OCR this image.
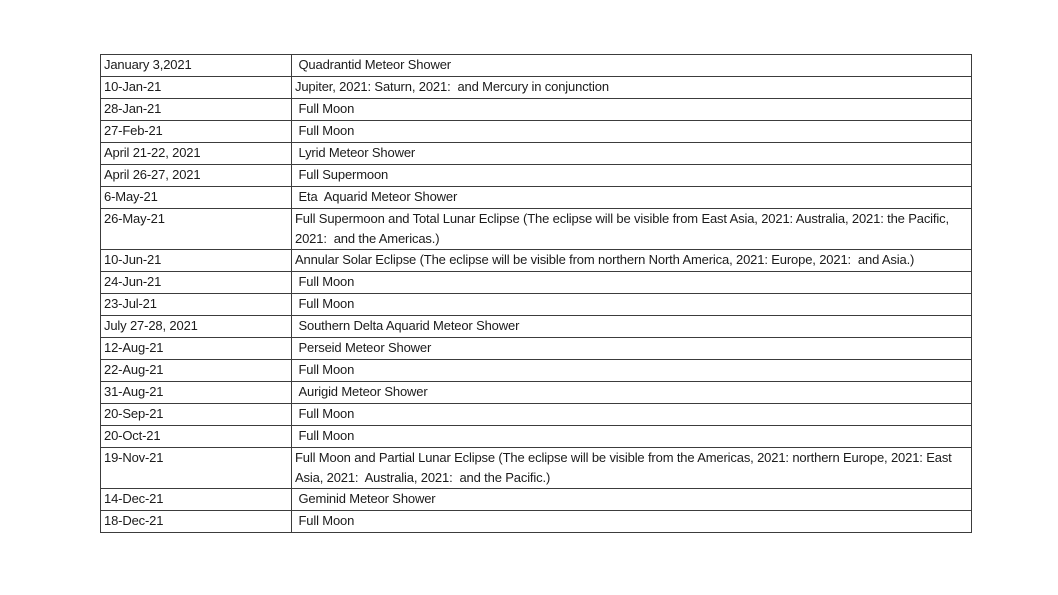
January 3,2021	Quadrantid Meteor Shower
10-Jan-21	Jupiter, 2021: Saturn, 2021:  and Mercury in conjunction
28-Jan-21	Full Moon
27-Feb-21	Full Moon
April 21-22, 2021	Lyrid Meteor Shower
April 26-27, 2021	Full Supermoon
6-May-21	Eta  Aquarid Meteor Shower
26-May-21	Full Supermoon and Total Lunar Eclipse (The eclipse will be visible from East Asia, 2021: Australia, 2021: the Pacific, 2021:  and the Americas.)
10-Jun-21	Annular Solar Eclipse (The eclipse will be visible from northern North America, 2021: Europe, 2021:  and Asia.)
24-Jun-21	Full Moon
23-Jul-21	Full Moon
July 27-28, 2021	Southern Delta Aquarid Meteor Shower
12-Aug-21	Perseid Meteor Shower
22-Aug-21	Full Moon
31-Aug-21	Aurigid Meteor Shower
20-Sep-21	Full Moon
20-Oct-21	Full Moon
19-Nov-21	Full Moon and Partial Lunar Eclipse (The eclipse will be visible from the Americas, 2021: northern Europe, 2021: East Asia, 2021:  Australia, 2021:  and the Pacific.)
14-Dec-21	Geminid Meteor Shower
18-Dec-21	Full Moon
